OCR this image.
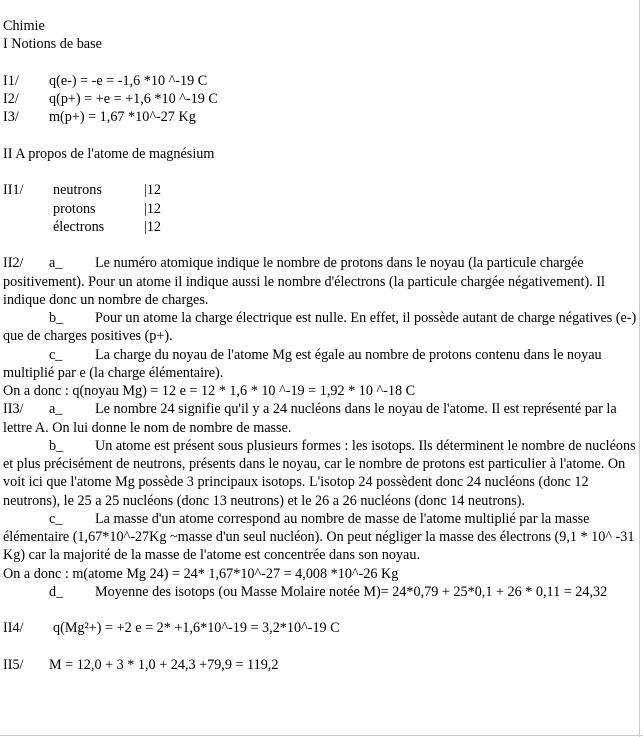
Chimie
I Notions de base
I1/ q(e-) = -e = -1,6 *10 ^-19 C
I2/ q(p+) = +e = +1,6 *10 ^-19 C
I3/ m(p+) = 1,67 *10^-27 Kg
II A propos de l'atome de magnésium
II1/ neutrons	|12
protons	|12
électrons	|12
II2/ a_ Le numéro atomique indique le nombre de protons dans le noyau (la particule chargée positivement). Pour un atome il indique aussi le nombre d'électrons (la particule chargée négativement). Il indique donc un nombre de charges.
b_ Pour un atome la charge électrique est nulle. En effet, il possède autant de charge négatives (e-) que de charges positives (p+).
c_ La charge du noyau de l'atome Mg est égale au nombre de protons contenu dans le noyau multiplié par e (la charge élémentaire).
On a donc : q(noyau Mg) = 12 e = 12 * 1,6 * 10 ^-19 = 1,92 * 10 ^-18 C
II3/ a_ Le nombre 24 signifie qu'il y a 24 nucléons dans le noyau de l'atome. Il est représenté par la lettre A. On lui donne le nom de nombre de masse.
b_ Un atome est présent sous plusieurs formes : les isotops. Ils déterminent le nombre de nucléons et plus précisément de neutrons, présents dans le noyau, car le nombre de protons est particulier à l'atome. On voit ici que l'atome Mg possède 3 principaux isotops. L'isotop 24 possèdent donc 24 nucléons (donc 12 neutrons), le 25 a 25 nucléons (donc 13 neutrons) et le 26 a 26 nucléons (donc 14 neutrons).
c_ La masse d'un atome correspond au nombre de masse de l'atome multiplié par la masse élémentaire (1,67*10^-27Kg ~masse d'un seul nucléon). On peut négliger la masse des électrons (9,1 * 10^ -31 Kg) car la majorité de la masse de l'atome est concentrée dans son noyau.
On a donc : m(atome Mg 24) = 24* 1,67*10^-27 = 4,008 *10^-26 Kg
d_ Moyenne des isotops (ou Masse Molaire notée M)= 24*0,79 + 25*0,1 + 26 * 0,11 = 24,32
II4/ q(Mg²+) = +2 e = 2* +1,6*10^-19 = 3,2*10^-19 C
II5/ M = 12,0 + 3 * 1,0 + 24,3 +79,9 = 119,2
